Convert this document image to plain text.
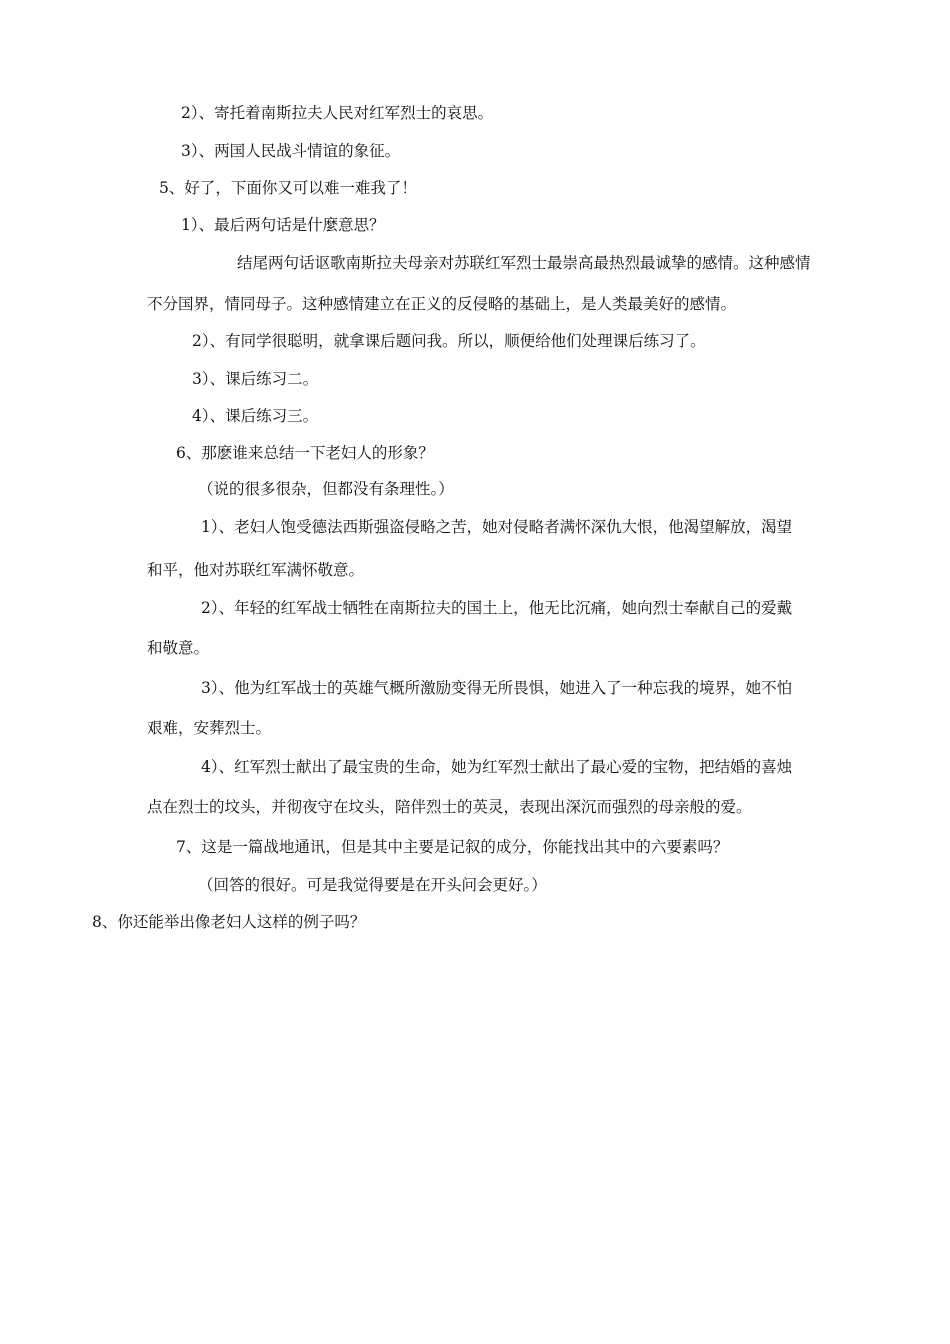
2）、寄托着南斯拉夫人民对红军烈士的哀思。

3）、两国人民战斗情谊的象征。

5、好了，下面你又可以难一难我了！

1）、最后两句话是什麼意思？

结尾两句话讴歌南斯拉夫母亲对苏联红军烈士最崇高最热烈最诚挚的感情。这种感情

不分国界，情同母子。这种感情建立在正义的反侵略的基础上，是人类最美好的感情。

2）、有同学很聪明，就拿课后题问我。所以，顺便给他们处理课后练习了。

3）、课后练习二。

4）、课后练习三。

6、那麽谁来总结一下老妇人的形象？

（说的很多很杂，但都没有条理性。）

1）、老妇人饱受德法西斯强盗侵略之苦，她对侵略者满怀深仇大恨，他渴望解放，渴望

和平，他对苏联红军满怀敬意。

2）、年轻的红军战士牺牲在南斯拉夫的国土上，他无比沉痛，她向烈士奉献自己的爱戴

和敬意。

3）、他为红军战士的英雄气概所激励变得无所畏惧，她进入了一种忘我的境界，她不怕

艰难，安葬烈士。

4）、红军烈士献出了最宝贵的生命，她为红军烈士献出了最心爱的宝物，把结婚的喜烛

点在烈士的坟头，并彻夜守在坟头，陪伴烈士的英灵，表现出深沉而强烈的母亲般的爱。

7、这是一篇战地通讯，但是其中主要是记叙的成分，你能找出其中的六要素吗？

（回答的很好。可是我觉得要是在开头问会更好。）

8、你还能举出像老妇人这样的例子吗？
